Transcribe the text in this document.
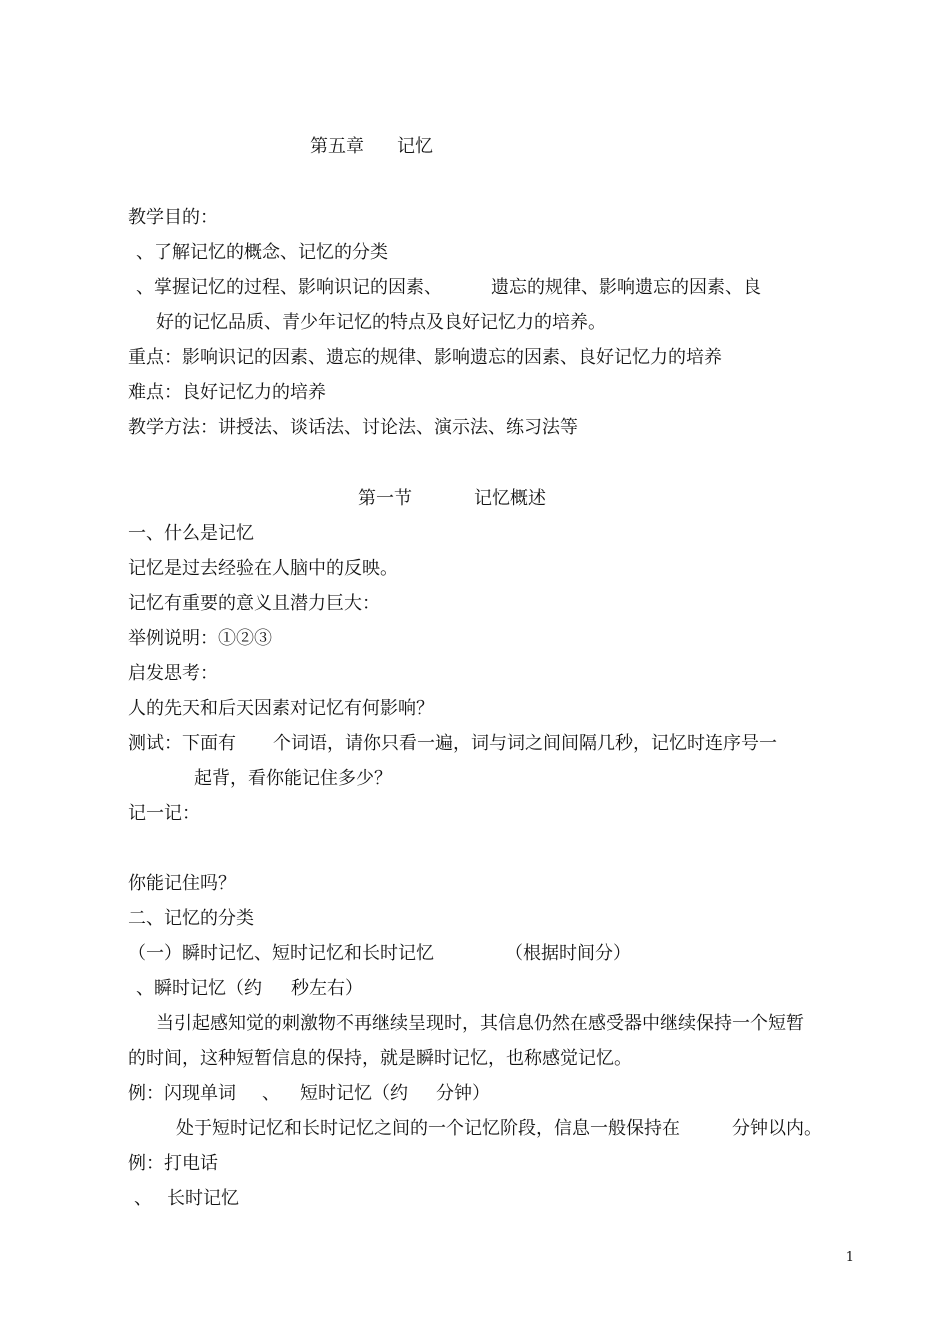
第五章 记忆
教学目的：
、了解记忆的概念、记忆的分类
、掌握记忆的过程、影响识记的因素、	遗忘的规律、影响遗忘的因素、良
好的记忆品质、青少年记忆的特点及良好记忆力的培养。
重点：影响识记的因素、遗忘的规律、影响遗忘的因素、良好记忆力的培养
难点：良好记忆力的培养
教学方法：讲授法、谈话法、讨论法、演示法、练习法等
第一节	记忆概述
一、什么是记忆
记忆是过去经验在人脑中的反映。
记忆有重要的意义且潜力巨大：
举例说明：①②③
启发思考：
人的先天和后天因素对记忆有何影响？
测试：下面有 个词语，请你只看一遍，词与词之间间隔几秒，记忆时连序号一
起背，看你能记住多少？
记一记：
你能记住吗？
二、记忆的分类
（一）瞬时记忆、短时记忆和长时记忆	（根据时间分）
、瞬时记忆（约 秒左右）
当引起感知觉的刺激物不再继续呈现时，其信息仍然在感受器中继续保持一个短暂
的时间，这种短暂信息的保持，就是瞬时记忆，也称感觉记忆。
例：闪现单词 、 短时记忆（约 分钟）
处于短时记忆和长时记忆之间的一个记忆阶段，信息一般保持在	分钟以内。
例：打电话
、 长时记忆
1
